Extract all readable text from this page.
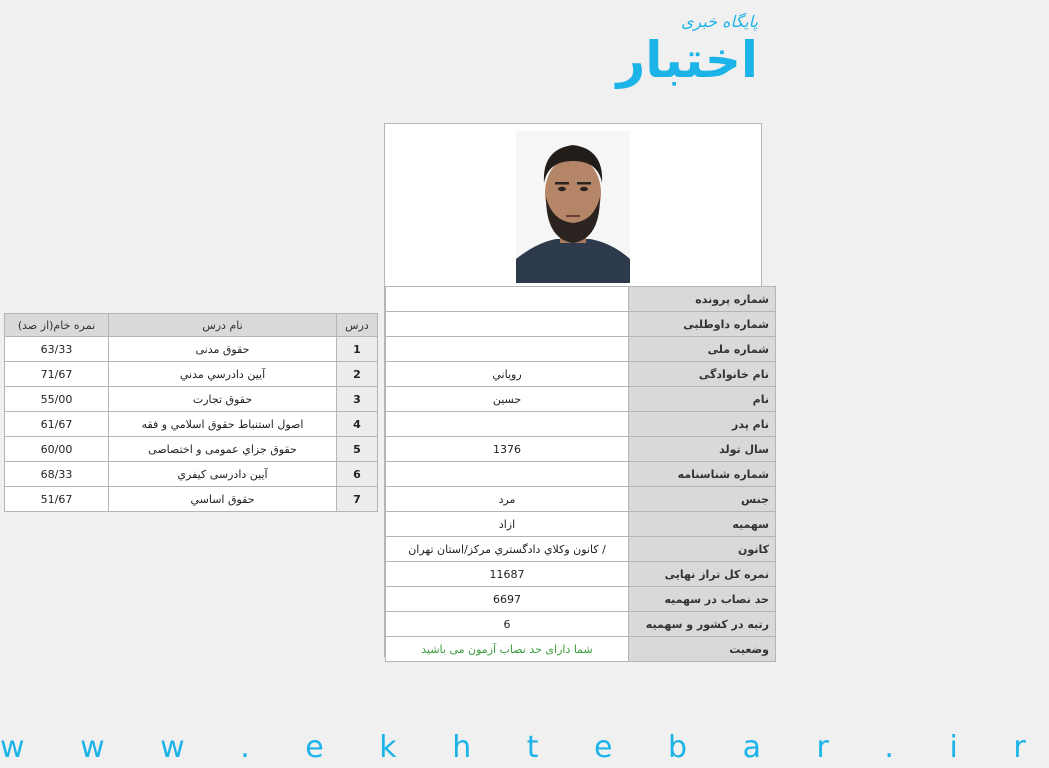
پایگاه خبری
اختبار
	شماره پرونده
	شماره داوطلبی
	شماره ملی
روياني	نام خانوادگی
حسين	نام
	نام پدر
1376	سال تولد
	شماره شناسنامه
مرد	جنس
ازاد	سهمیه
/ كانون وكلاي دادگستري مركز/استان تهران	کانون
11687	نمره کل تراز نهایی
6697	حد نصاب در سهمیه
6	رتبه در کشور و سهمیه
شما دارای حد نصاب آزمون می باشید	وضعیت
نمره خام(از صد)	نام درس	درس
63/33	حقوق مدنی	1
71/67	آيين دادرسي مدني	2
55/00	حقوق تجارت	3
61/67	اصول استنباط حقوق اسلامي و فقه	4
60/00	حقوق جزاي عمومی و اختصاصی	5
68/33	آيين دادرسی کيفري	6
51/67	حقوق اساسي	7
w w w . e k h t e b a r . i r
